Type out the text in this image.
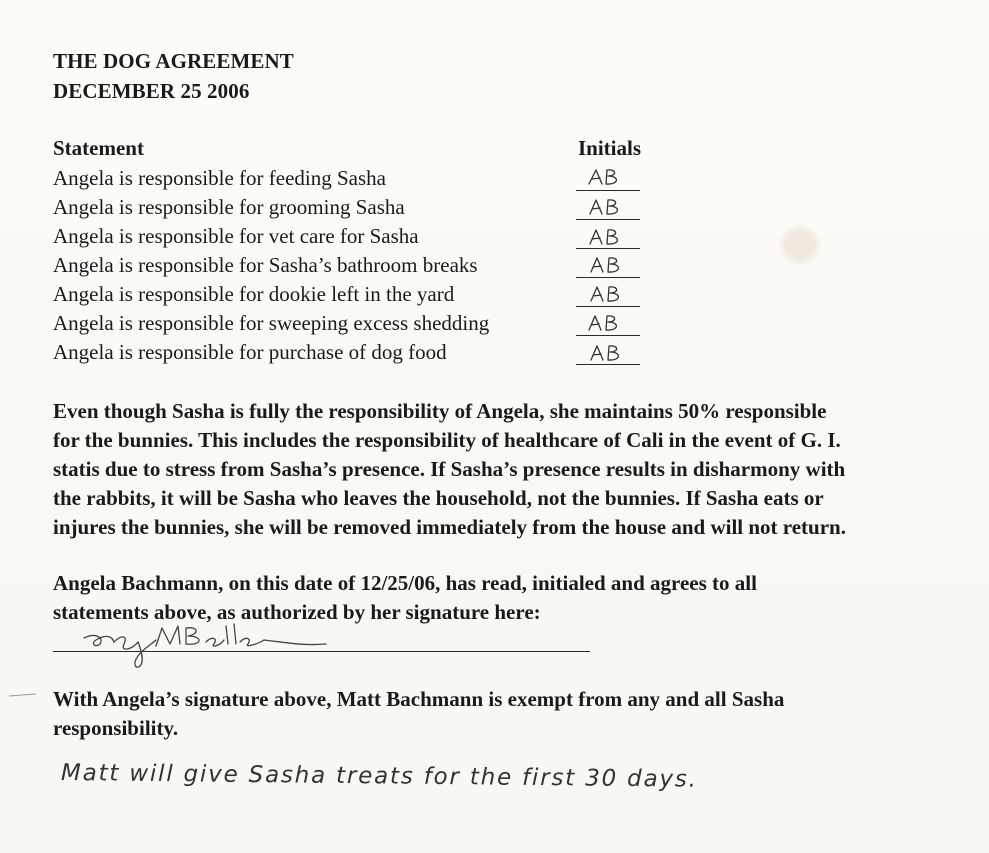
THE DOG AGREEMENT
DECEMBER 25 2006
Statement	Initials
Angela is responsible for feeding Sasha
Angela is responsible for grooming Sasha
Angela is responsible for vet care for Sasha
Angela is responsible for Sasha’s bathroom breaks
Angela is responsible for dookie left in the yard
Angela is responsible for sweeping excess shedding
Angela is responsible for purchase of dog food
Even though Sasha is fully the responsibility of Angela, she maintains 50% responsible
for the bunnies. This includes the responsibility of healthcare of Cali in the event of G. I.
statis due to stress from Sasha’s presence. If Sasha’s presence results in disharmony with
the rabbits, it will be Sasha who leaves the household, not the bunnies. If Sasha eats or
injures the bunnies, she will be removed immediately from the house and will not return.
Angela Bachmann, on this date of 12/25/06, has read, initialed and agrees to all
statements above, as authorized by her signature here:
With Angela’s signature above, Matt Bachmann is exempt from any and all Sasha
responsibility.
Matt will give Sasha treats for the first 30 days.
